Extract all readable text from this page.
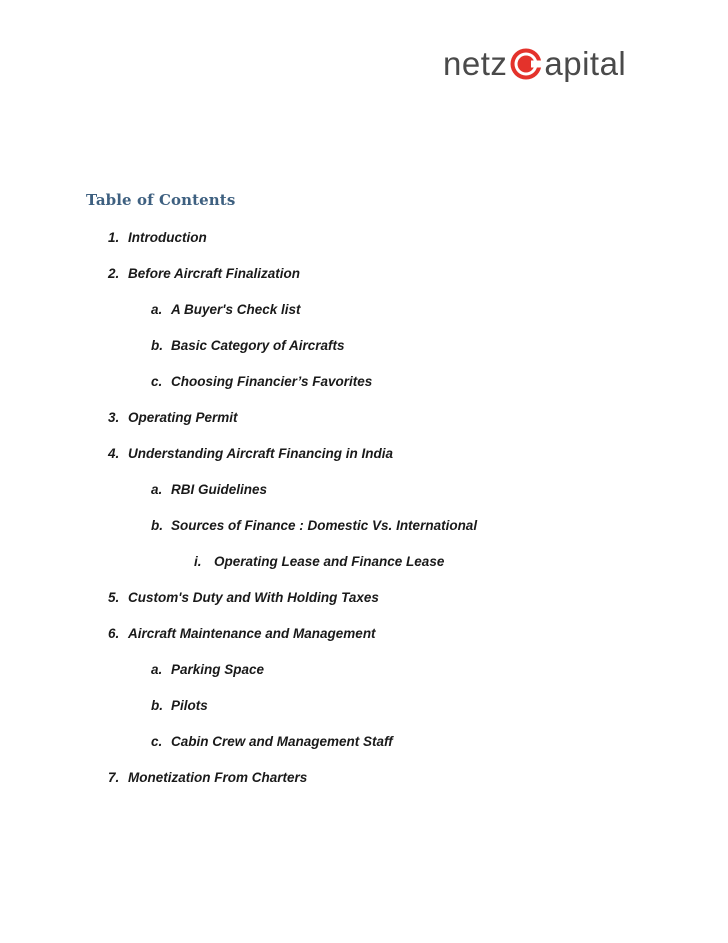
netz apital
Table of Contents
1. Introduction
2. Before Aircraft Finalization
a. A Buyer's Check list
b. Basic Category of Aircrafts
c. Choosing Financier’s Favorites
3. Operating Permit
4. Understanding Aircraft Financing in India
a. RBI Guidelines
b. Sources of Finance : Domestic Vs. International
i. Operating Lease and Finance Lease
5. Custom's Duty and With Holding Taxes
6. Aircraft Maintenance and Management
a. Parking Space
b. Pilots
c. Cabin Crew and Management Staff
7. Monetization From Charters
